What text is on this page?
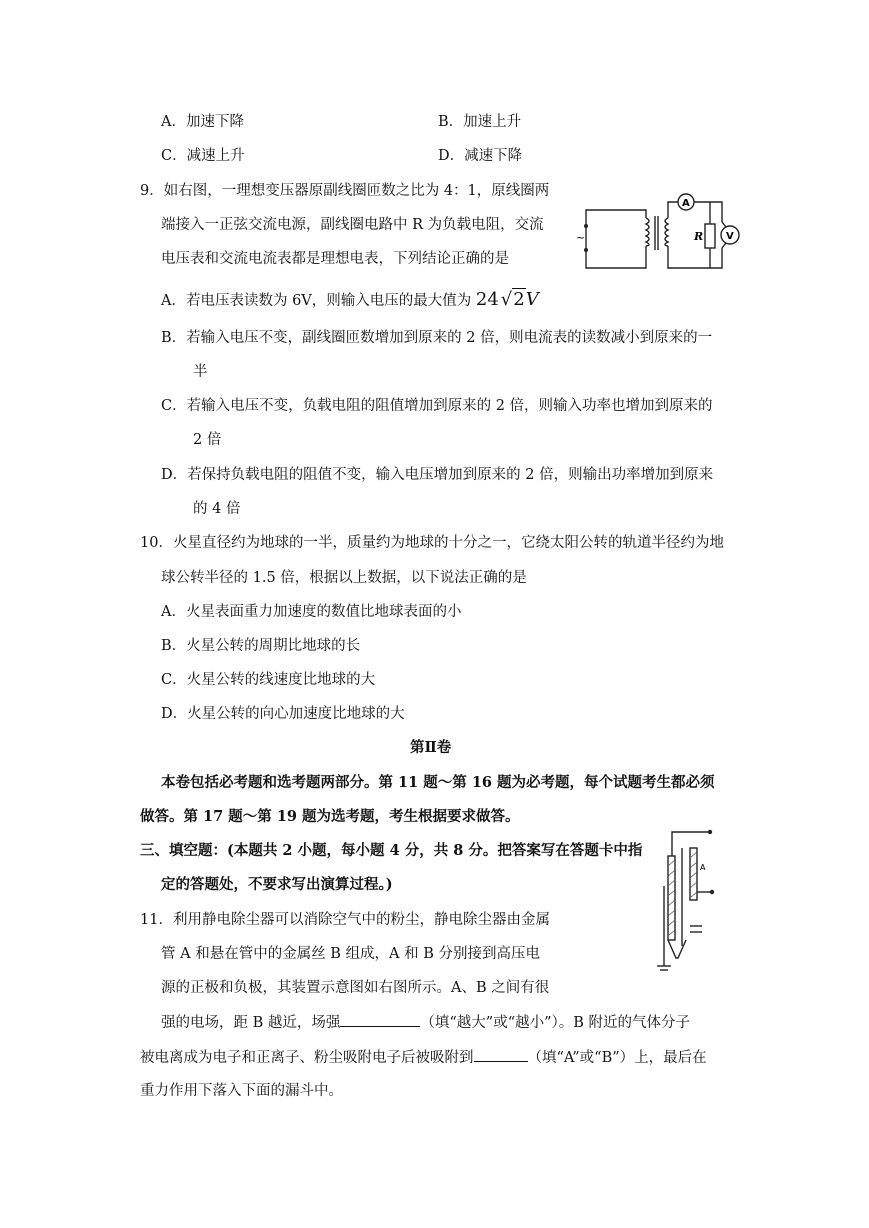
A．加速下降	B．加速上升
C．减速上升	D．减速下降
9．如右图，一理想变压器原副线圈匝数之比为 4：1，原线圈两
端接入一正弦交流电源，副线圈电路中 R 为负载电阻，交流
电压表和交流电流表都是理想电表，下列结论正确的是
~
A
R V
A．若电压表读数为 6V，则输入电压的最大值为 24 √2V
B．若输入电压不变，副线圈匝数增加到原来的 2 倍，则电流表的读数减小到原来的一
半
C．若输入电压不变，负载电阻的阻值增加到原来的 2 倍，则输入功率也增加到原来的
2 倍
D．若保持负载电阻的阻值不变，输入电压增加到原来的 2 倍，则输出功率增加到原来
的 4 倍
10．火星直径约为地球的一半，质量约为地球的十分之一，它绕太阳公转的轨道半径约为地
球公转半径的 1.5 倍，根据以上数据，以下说法正确的是
A．火星表面重力加速度的数值比地球表面的小
B．火星公转的周期比地球的长
C．火星公转的线速度比地球的大
D．火星公转的向心加速度比地球的大
第Ⅱ卷
本卷包括必考题和选考题两部分。第 11 题～第 16 题为必考题，每个试题考生都必须
做答。第 17 题～第 19 题为选考题，考生根据要求做答。
三、填空题：(本题共 2 小题，每小题 4 分，共 8 分。把答案写在答题卡中指
定的答题处，不要求写出演算过程。)
A
11．利用静电除尘器可以消除空气中的粉尘，静电除尘器由金属
管 A 和悬在管中的金属丝 B 组成，A 和 B 分别接到高压电
源的正极和负极，其装置示意图如右图所示。A、B 之间有很
强的电场，距 B 越近，场强	（填“越大”或“越小”）。B 附近的气体分子
被电离成为电子和正离子、粉尘吸附电子后被吸附到	（填“A”或“B”）上，最后在
重力作用下落入下面的漏斗中。
